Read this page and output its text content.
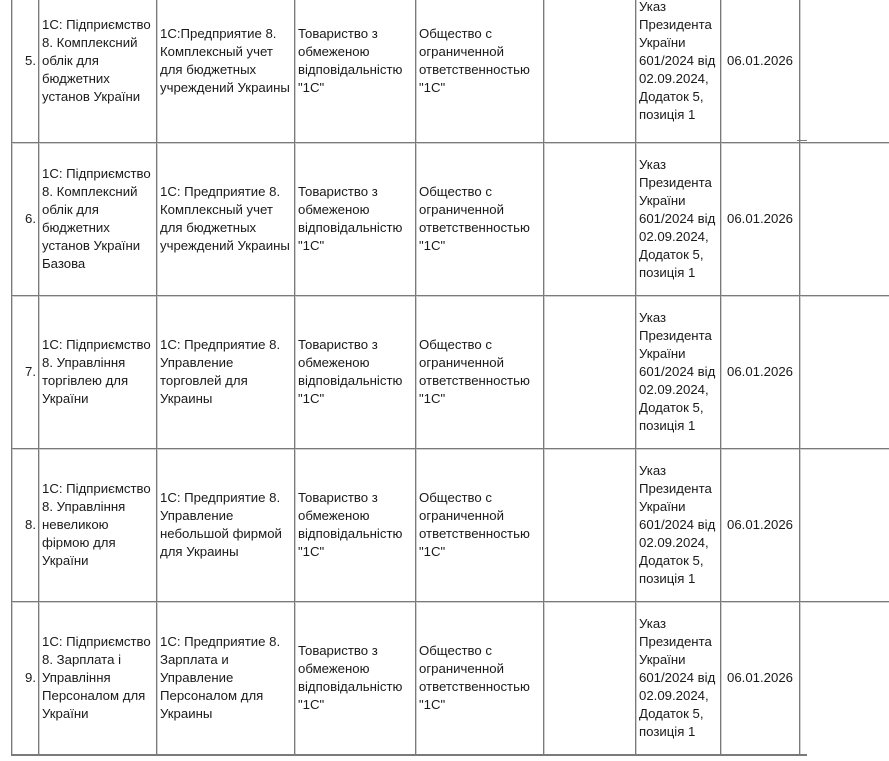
5.	1С: Підприємство 8. Комплексний облік для бюджетних установ України	1С:Предприятие 8. Комплексный учет для бюджетных учреждений Украины	Товариство з обмеженою відповідальністю "1С"	Общество с ограниченной ответственностью "1С"		Указ Президента України 601/2024 від 02.09.2024, Додаток 5, позиція 1	06.01.2026	
6.	1С: Підприємство 8. Комплексний облік для бюджетних установ України Базова	1С: Предприятие 8. Комплексный учет для бюджетных учреждений Украины	Товариство з обмеженою відповідальністю "1С"	Общество с ограниченной ответственностью "1С"		Указ Президента України 601/2024 від 02.09.2024, Додаток 5, позиція 1	06.01.2026	
7.	1С: Підприємство 8. Управління торгівлею для України	1С: Предприятие 8. Управление торговлей для Украины	Товариство з обмеженою відповідальністю "1С"	Общество с ограниченной ответственностью "1С"		Указ Президента України 601/2024 від 02.09.2024, Додаток 5, позиція 1	06.01.2026	
8.	1С: Підприємство 8. Управління невеликою фірмою для України	1С: Предприятие 8. Управление небольшой фирмой для Украины	Товариство з обмеженою відповідальністю "1С"	Общество с ограниченной ответственностью "1С"		Указ Президента України 601/2024 від 02.09.2024, Додаток 5, позиція 1	06.01.2026	
9.	1С: Підприємство 8. Зарплата і Управління Персоналом для України	1С: Предприятие 8. Зарплата и Управление Персоналом для Украины	Товариство з обмеженою відповідальністю "1С"	Общество с ограниченной ответственностью "1С"		Указ Президента України 601/2024 від 02.09.2024, Додаток 5, позиція 1	06.01.2026	
